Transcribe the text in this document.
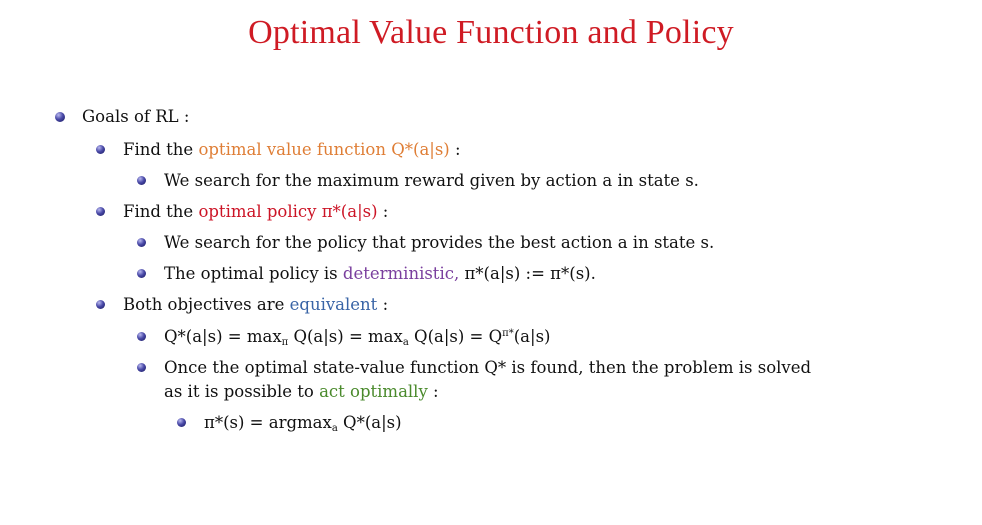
Optimal Value Function and Policy
Goals of RL :
Find the optimal value function Q*(a|s) :
We search for the maximum reward given by action a in state s.
Find the optimal policy π*(a|s) :
We search for the policy that provides the best action a in state s.
The optimal policy is deterministic, π*(a|s) := π*(s).
Both objectives are equivalent :
$Q*(a|s) = \max_\pi Q(a|s) = \max_a Q(a|s) = Q^{\pi*}(a|s)$
Once the optimal state-value function Q* is found, then the problem is solved
as it is possible to act optimally :
π*(s) = argmax$_a$ Q*(a|s)
